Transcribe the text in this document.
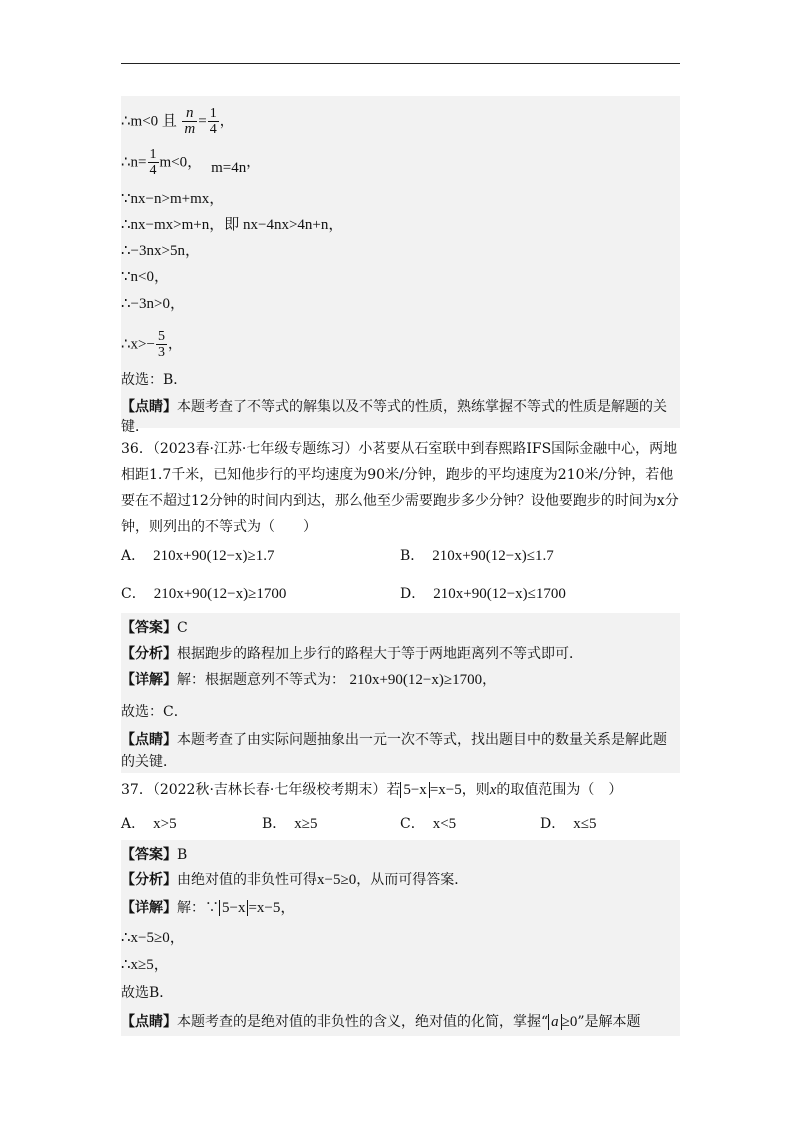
∴m<0 且 $\frac{n}{m} = \frac{1}{4}$ ，
∴n= $\frac{1}{4} m<0$， m=4n，
∵nx−n>m+mx，
∴nx−mx>m+n，即 nx−4nx>4n+n，
∴−3nx>5n，
∵n<0，
∴−3n>0，
∴x>− $\frac{5}{3}$ ，
故选：B．
【点睛】本题考查了不等式的解集以及不等式的性质，熟练掌握不等式的性质是解题的关键．
36．（2023春·江苏·七年级专题练习）小茗要从石室联中到春熙路IFS国际金融中心，两地相距1.7千米，已知他步行的平均速度为90米/分钟，跑步的平均速度为210米/分钟，若他要在不超过12分钟的时间内到达，那么他至少需要跑步多少分钟？设他要跑步的时间为x分钟，则列出的不等式为（　　）
A． 210x+90(12−x)≥1.7	B． 210x+90(12−x)≤1.7
C． 210x+90(12−x)≥1700	D． 210x+90(12−x)≤1700
【答案】C
【分析】根据跑步的路程加上步行的路程大于等于两地距离列不等式即可．
【详解】解：根据题意列不等式为： 210x+90(12−x)≥1700，
故选：C．
【点睛】本题考查了由实际问题抽象出一元一次不等式，找出题目中的数量关系是解此题的关键．
37．（2022秋·吉林长春·七年级校考期末）若 5−x =x−5，则x的取值范围为（　）
A． x>5	B． x≥5	C． x<5	D． x≤5
【答案】B
【分析】由绝对值的非负性可得x−5≥0，从而可得答案．
【详解】解：∵ 5−x =x−5，
∴x−5≥0，
∴x≥5，
故选B．
【点睛】本题考查的是绝对值的非负性的含义，绝对值的化简，掌握“ a ≥0”是解本题
